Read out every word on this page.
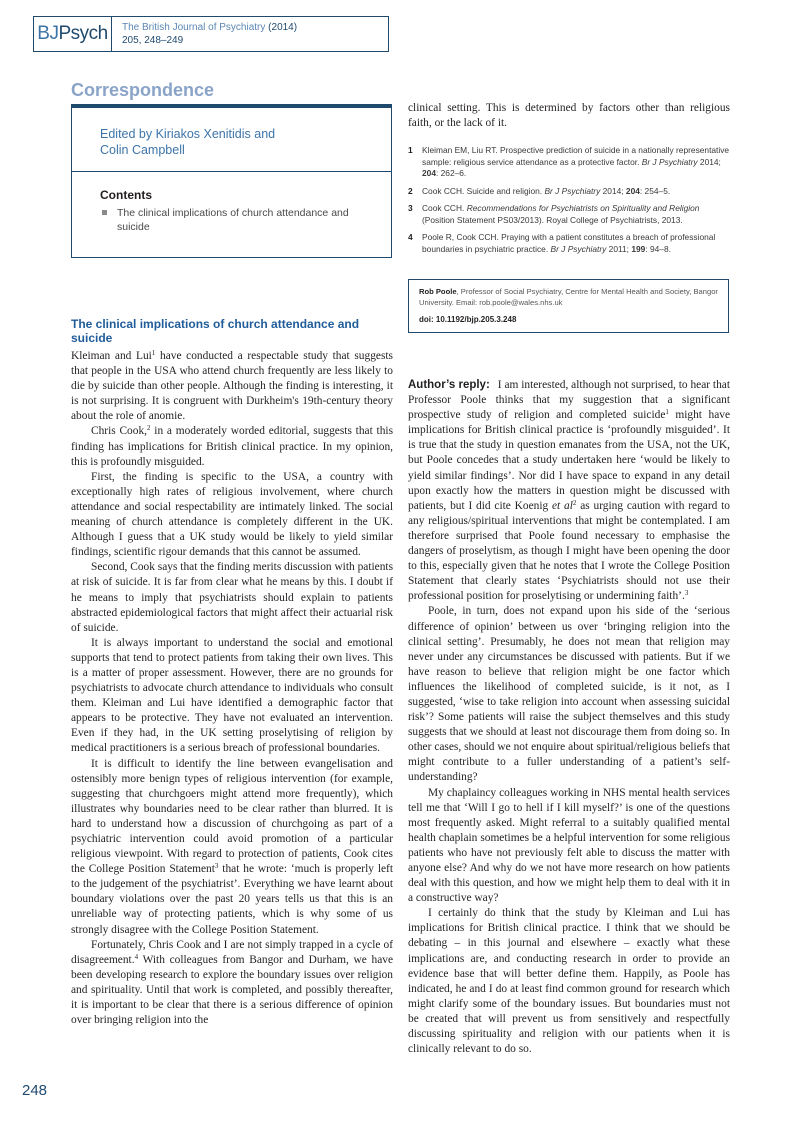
BJ Psych The British Journal of Psychiatry (2014)
205, 248–249
Correspondence
Edited by Kiriakos Xenitidis and
Colin Campbell
Contents
The clinical implications of church attendance and suicide
The clinical implications of church attendance and suicide

Kleiman and Lui$^1$ have conducted a respectable study that suggests that people in the USA who attend church frequently are less likely to die by suicide than other people. Although the finding is interesting, it is not surprising. It is congruent with Durkheim's 19th-century theory about the role of anomie.

Chris Cook,$^2$ in a moderately worded editorial, suggests that this finding has implications for British clinical practice. In my opinion, this is profoundly misguided.

First, the finding is specific to the USA, a country with exceptionally high rates of religious involvement, where church attendance and social respectability are intimately linked. The social meaning of church attendance is completely different in the UK. Although I guess that a UK study would be likely to yield similar findings, scientific rigour demands that this cannot be assumed.

Second, Cook says that the finding merits discussion with patients at risk of suicide. It is far from clear what he means by this. I doubt if he means to imply that psychiatrists should explain to patients abstracted epidemiological factors that might affect their actuarial risk of suicide.

It is always important to understand the social and emotional supports that tend to protect patients from taking their own lives. This is a matter of proper assessment. However, there are no grounds for psychiatrists to advocate church attendance to individuals who consult them. Kleiman and Lui have identified a demographic factor that appears to be protective. They have not evaluated an intervention. Even if they had, in the UK setting proselytising of religion by medical practitioners is a serious breach of professional boundaries.

It is difficult to identify the line between evangelisation and ostensibly more benign types of religious intervention (for example, suggesting that churchgoers might attend more frequently), which illustrates why boundaries need to be clear rather than blurred. It is hard to understand how a discussion of churchgoing as part of a psychiatric intervention could avoid promotion of a particular religious viewpoint. With regard to protection of patients, Cook cites the College Position Statement$^3$ that he wrote: ‘much is properly left to the judgement of the psychiatrist’. Everything we have learnt about boundary violations over the past 20 years tells us that this is an unreliable way of protecting patients, which is why some of us strongly disagree with the College Position Statement.

Fortunately, Chris Cook and I are not simply trapped in a cycle of disagreement.$^4$ With colleagues from Bangor and Durham, we have been developing research to explore the boundary issues over religion and spirituality. Until that work is completed, and possibly thereafter, it is important to be clear that there is a serious difference of opinion over bringing religion into the

clinical setting. This is determined by factors other than religious faith, or the lack of it.

1	Kleiman EM, Liu RT. Prospective prediction of suicide in a nationally representative sample: religious service attendance as a protective factor. Br J Psychiatry 2014; 204: 262–6.
2	Cook CCH. Suicide and religion. Br J Psychiatry 2014; 204: 254–5.
3	Cook CCH. Recommendations for Psychiatrists on Spirituality and Religion (Position Statement PS03/2013). Royal College of Psychiatrists, 2013.
4	Poole R, Cook CCH. Praying with a patient constitutes a breach of professional boundaries in psychiatric practice. Br J Psychiatry 2011; 199: 94–8.
Rob Poole, Professor of Social Psychiatry, Centre for Mental Health and Society, Bangor University. Email: rob.poole@wales.nhs.uk
doi: 10.1192/bjp.205.3.248

Author’s reply: I am interested, although not surprised, to hear that Professor Poole thinks that my suggestion that a significant prospective study of religion and completed suicide$^1$ might have implications for British clinical practice is ‘profoundly misguided’. It is true that the study in question emanates from the USA, not the UK, but Poole concedes that a study undertaken here ‘would be likely to yield similar findings’. Nor did I have space to expand in any detail upon exactly how the matters in question might be discussed with patients, but I did cite Koenig et $al^2$ as urging caution with regard to any religious/spiritual interventions that might be contemplated. I am therefore surprised that Poole found necessary to emphasise the dangers of proselytism, as though I might have been opening the door to this, especially given that he notes that I wrote the College Position Statement that clearly states ‘Psychiatrists should not use their professional position for proselytising or undermining faith’.$^3$

Poole, in turn, does not expand upon his side of the ‘serious difference of opinion’ between us over ‘bringing religion into the clinical setting’. Presumably, he does not mean that religion may never under any circumstances be discussed with patients. But if we have reason to believe that religion might be one factor which influences the likelihood of completed suicide, is it not, as I suggested, ‘wise to take religion into account when assessing suicidal risk’? Some patients will raise the subject themselves and this study suggests that we should at least not discourage them from doing so. In other cases, should we not enquire about spiritual/religious beliefs that might contribute to a fuller understanding of a patient’s self-understanding?

My chaplaincy colleagues working in NHS mental health services tell me that ‘Will I go to hell if I kill myself?’ is one of the questions most frequently asked. Might referral to a suitably qualified mental health chaplain sometimes be a helpful intervention for some religious patients who have not previously felt able to discuss the matter with anyone else? And why do we not have more research on how patients deal with this question, and how we might help them to deal with it in a constructive way?

I certainly do think that the study by Kleiman and Lui has implications for British clinical practice. I think that we should be debating – in this journal and elsewhere – exactly what these implications are, and conducting research in order to provide an evidence base that will better define them. Happily, as Poole has indicated, he and I do at least find common ground for research which might clarify some of the boundary issues. But boundaries must not be created that will prevent us from sensitively and respectfully discussing spirituality and religion with our patients when it is clinically relevant to do so.

248
